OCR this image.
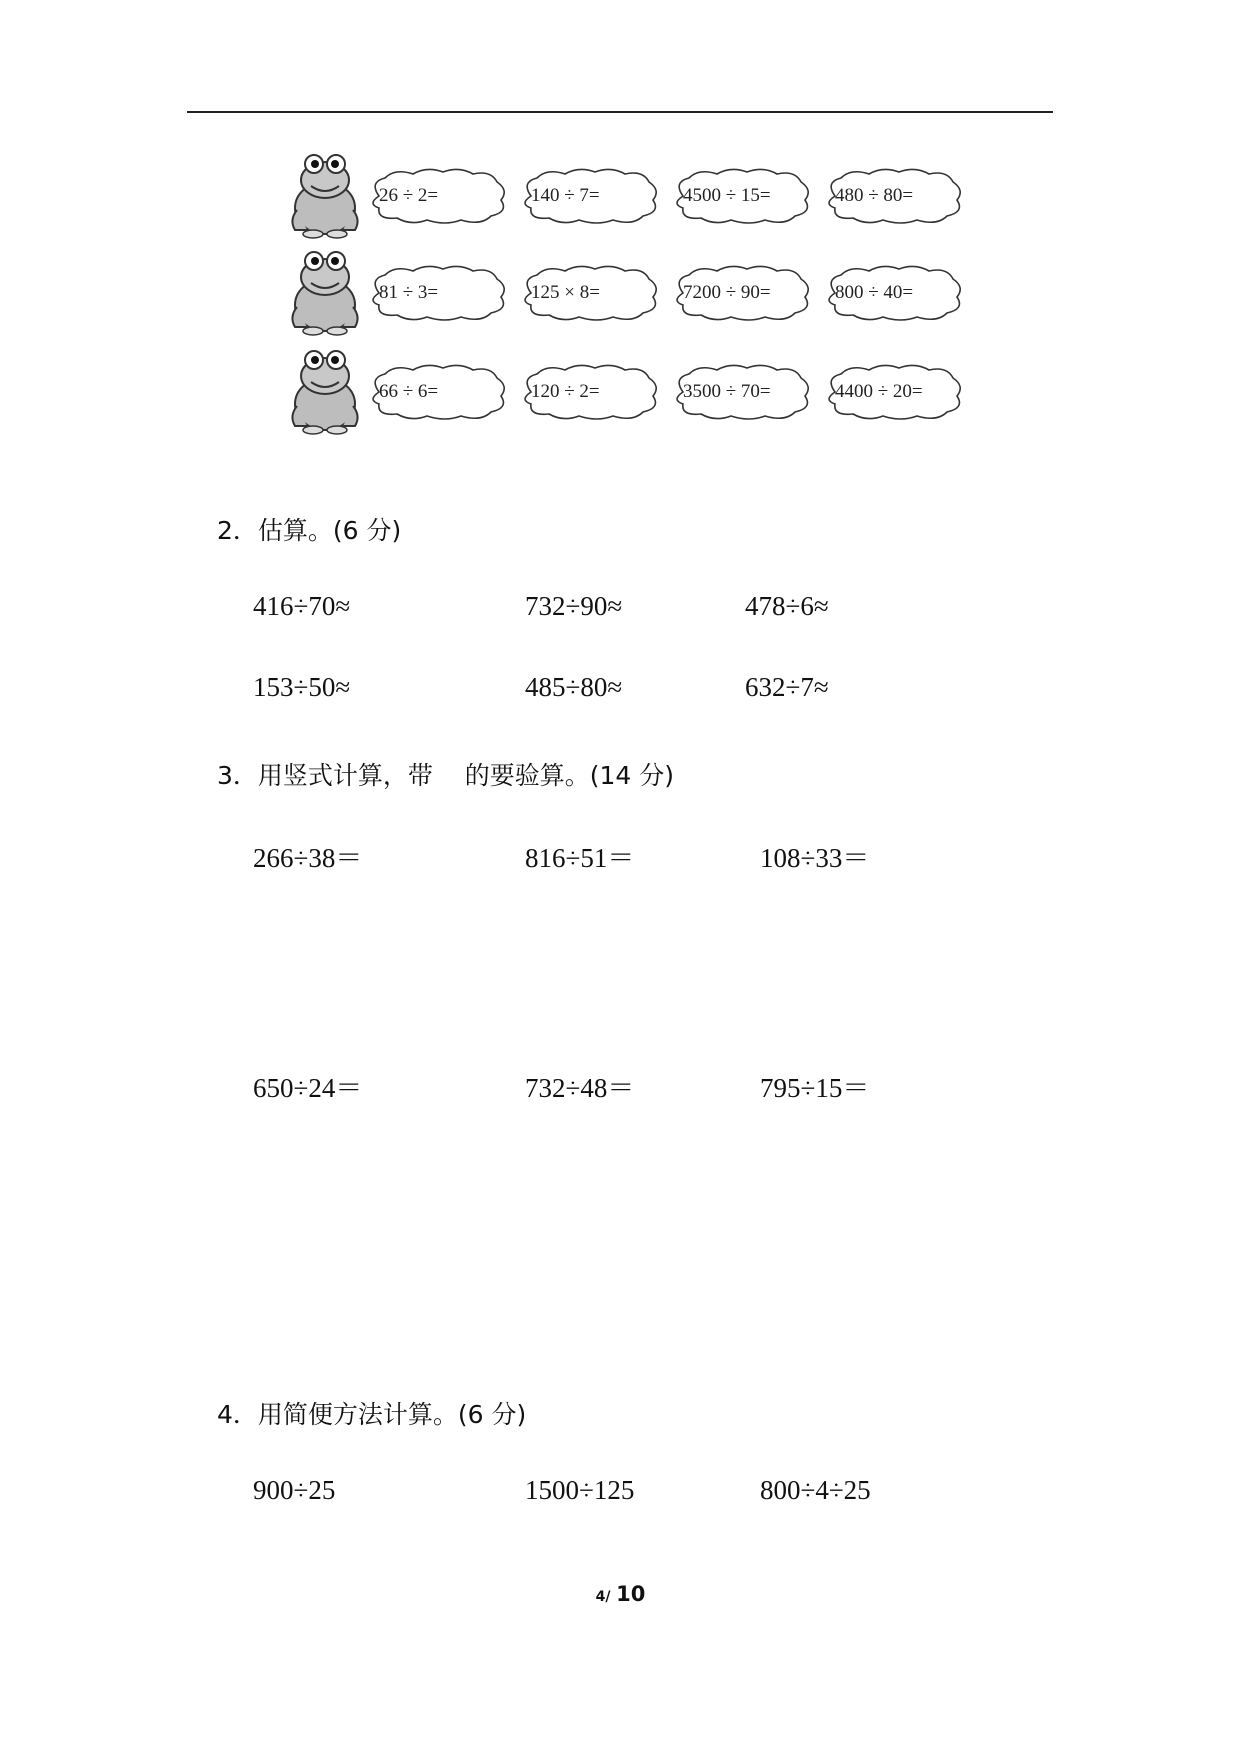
26 ÷ 2=	140 ÷ 7=	4500 ÷ 15=	480 ÷ 80=
81 ÷ 3=	125 × 8=	7200 ÷ 90=	800 ÷ 40=
66 ÷ 6=	120 ÷ 2=	3500 ÷ 70=	4400 ÷ 20=
2．估算。(6 分)
416÷70≈	732÷90≈	478÷6≈
153÷50≈	485÷80≈	632÷7≈
3．用竖式计算，带    的要验算。(14 分)
266÷38＝	816÷51＝	108÷33＝
650÷24＝	732÷48＝	795÷15＝
4．用简便方法计算。(6 分)
900÷25	1500÷125	800÷4÷25
4/ 10
